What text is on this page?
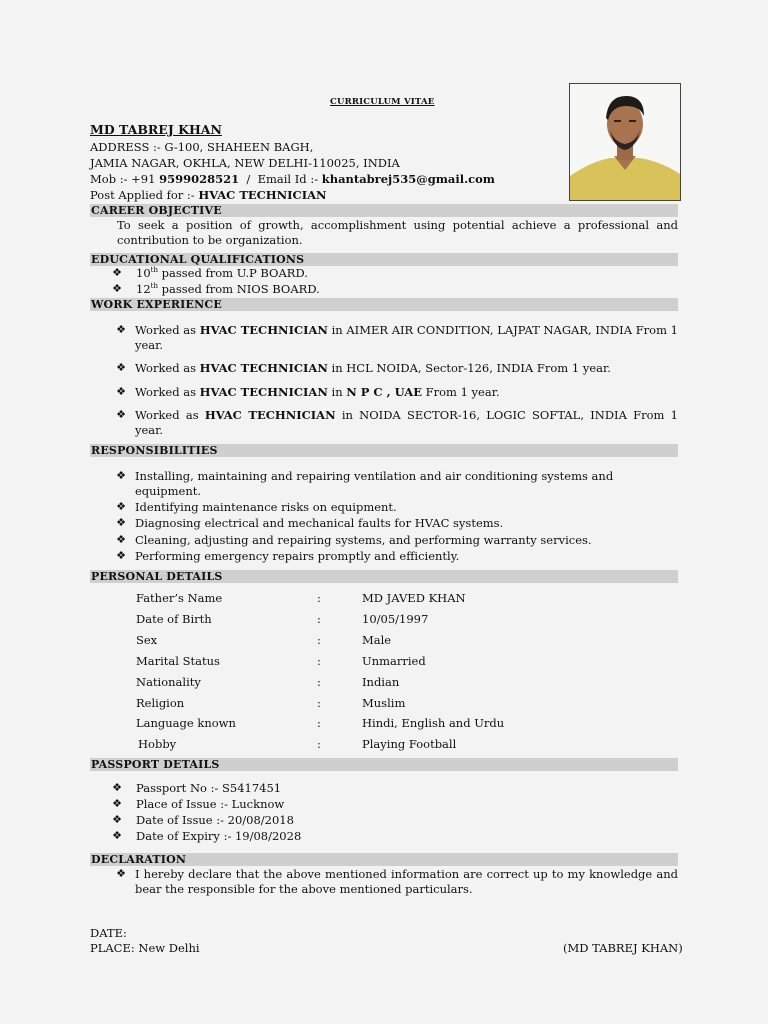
CURRICULUM VITAE
MD TABREJ KHAN
ADDRESS :- G-100, SHAHEEN BAGH,
JAMIA NAGAR, OKHLA, NEW DELHI-110025, INDIA
Mob :- +91 9599028521  /  Email Id :- khantabrej535@gmail.com
Post Applied for :- HVAC TECHNICIAN
CAREER OBJECTIVE
To seek a position of growth, accomplishment using potential achieve a professional and contribution to be organization.
EDUCATIONAL QUALIFICATIONS
❖ 10th passed from U.P BOARD.
❖ 12th passed from NIOS BOARD.
WORK EXPERIENCE
❖ Worked as HVAC TECHNICIAN in AIMER AIR CONDITION, LAJPAT NAGAR, INDIA From 1 year.
❖ Worked as HVAC TECHNICIAN in HCL NOIDA, Sector-126, INDIA From 1 year.
❖ Worked as HVAC TECHNICIAN in N P C , UAE From 1 year.
❖ Worked as HVAC TECHNICIAN in NOIDA SECTOR-16, LOGIC SOFTAL, INDIA From 1 year.
RESPONSIBILITIES
❖ Installing, maintaining and repairing ventilation and air conditioning systems and equipment.
❖ Identifying maintenance risks on equipment.
❖ Diagnosing electrical and mechanical faults for HVAC systems.
❖ Cleaning, adjusting and repairing systems, and performing warranty services.
❖ Performing emergency repairs promptly and efficiently.
PERSONAL DETAILS
Father’s Name	:	MD JAVED KHAN
Date of Birth	:	10/05/1997
Sex	:	Male
Marital Status	:	Unmarried
Nationality	:	Indian
Religion	:	Muslim
Language known	:	Hindi, English and Urdu
Hobby	:	Playing Football
PASSPORT DETAILS
❖ Passport No :- S5417451
❖ Place of Issue :- Lucknow
❖ Date of Issue :- 20/08/2018
❖ Date of Expiry :- 19/08/2028
DECLARATION
❖ I hereby declare that the above mentioned information are correct up to my knowledge and bear the responsible for the above mentioned particulars.
DATE:
PLACE: New Delhi	(MD TABREJ KHAN)
